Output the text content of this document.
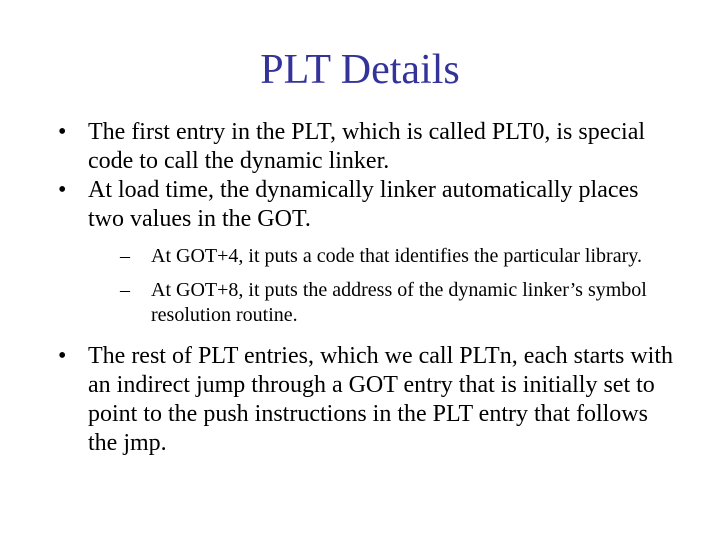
PLT Details
• The first entry in the PLT, which is called PLT0, is special code to call the dynamic linker.
• At load time, the dynamically linker automatically places two values in the GOT.
– At GOT+4, it puts a code that identifies the particular library.
– At GOT+8, it puts the address of the dynamic linker’s symbol resolution routine.
• The rest of PLT entries, which we call PLTn, each starts with an indirect jump through a GOT entry that is initially set to point to the push instructions in the PLT entry that follows the jmp.
